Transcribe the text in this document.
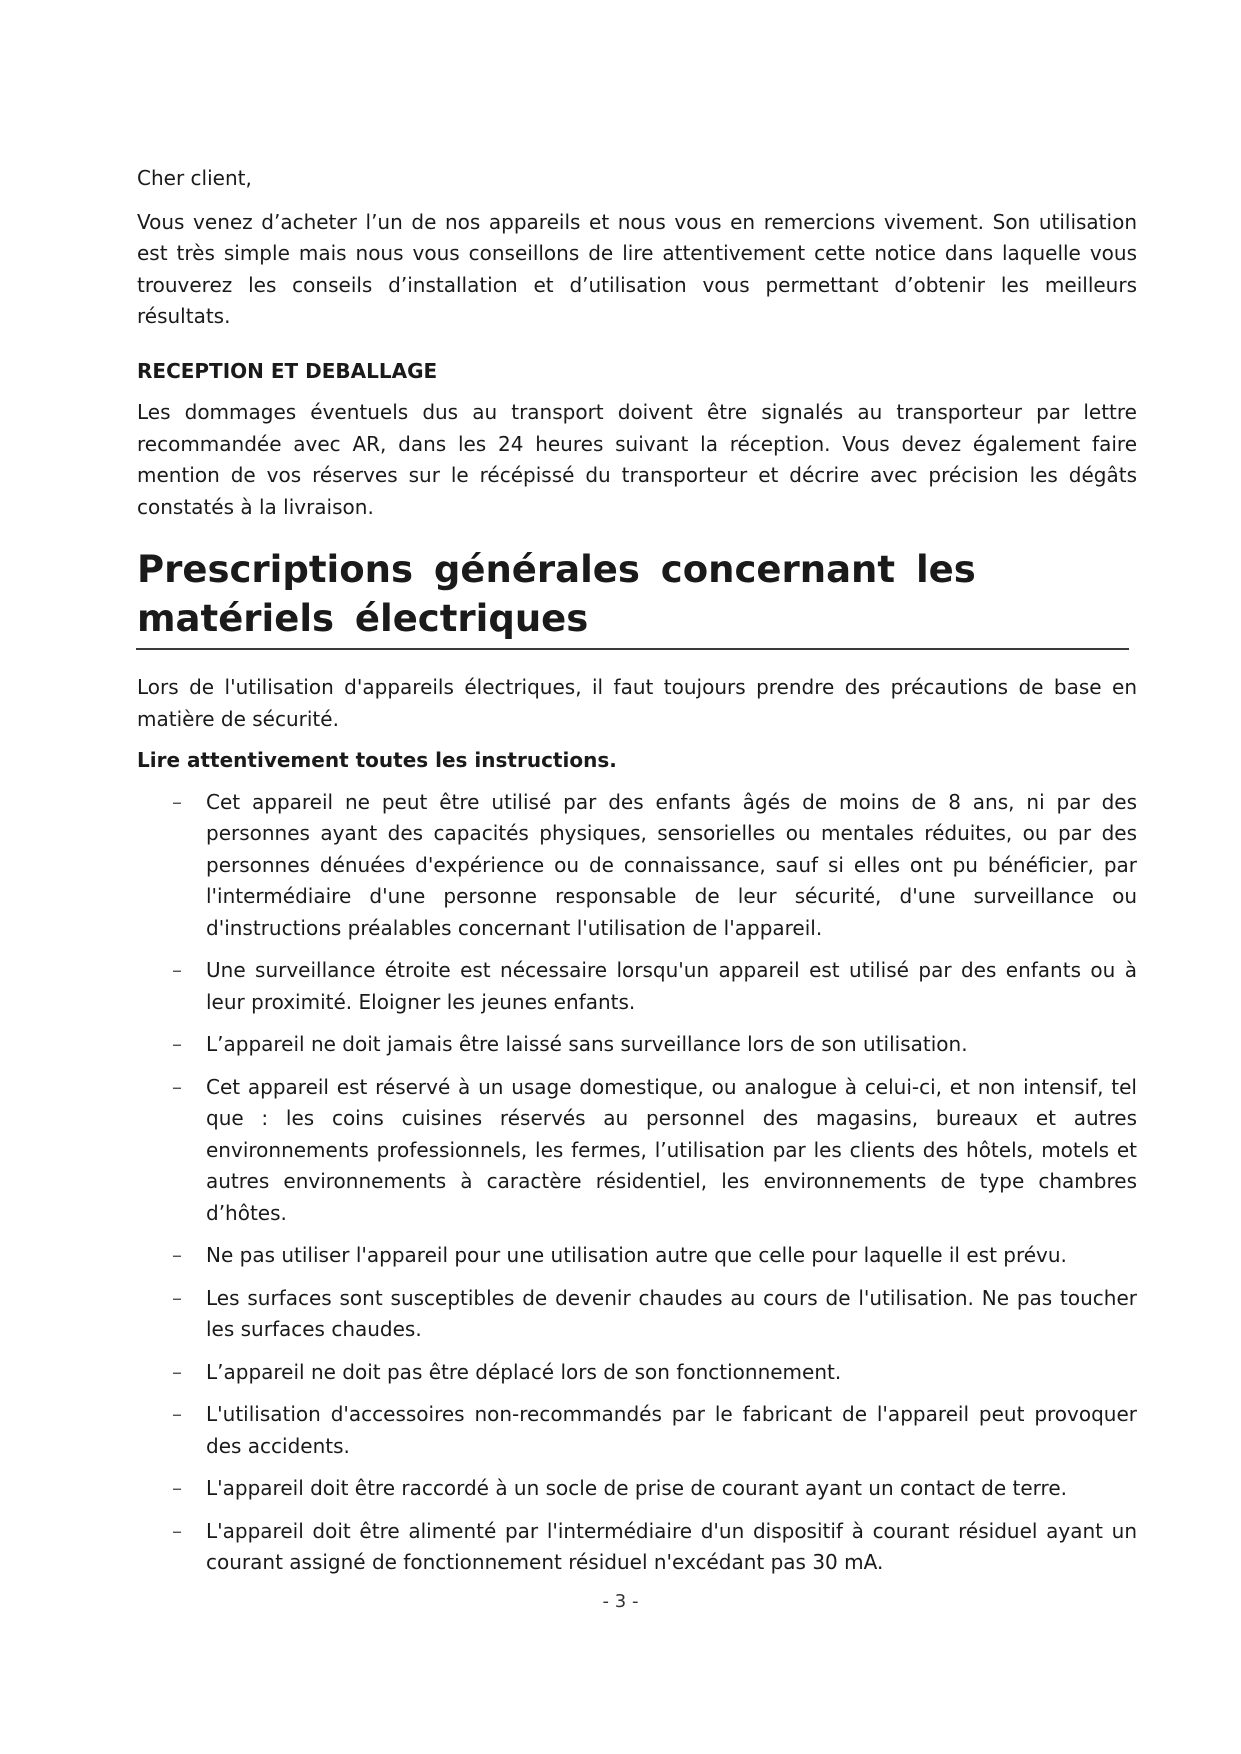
Cher client,

Vous venez d’acheter l’un de nos appareils et nous vous en remercions vivement. Son utilisation est très simple mais nous vous conseillons de lire attentivement cette notice dans laquelle vous trouverez les conseils d’installation et d’utilisation vous permettant d’obtenir les meilleurs résultats.

RECEPTION ET DEBALLAGE

Les dommages éventuels dus au transport doivent être signalés au transporteur par lettre recommandée avec AR, dans les 24 heures suivant la réception. Vous devez également faire mention de vos réserves sur le récépissé du transporteur et décrire avec précision les dégâts constatés à la livraison.

Prescriptions générales concernant les matériels électriques

Lors de l'utilisation d'appareils électriques, il faut toujours prendre des précautions de base en matière de sécurité.

Lire attentivement toutes les instructions.
– Cet appareil ne peut être utilisé par des enfants âgés de moins de 8 ans, ni par des personnes ayant des capacités physiques, sensorielles ou mentales réduites, ou par des personnes dénuées d'expérience ou de connaissance, sauf si elles ont pu bénéficier, par l'intermédiaire d'une personne responsable de leur sécurité, d'une surveillance ou d'instructions préalables concernant l'utilisation de l'appareil.
– Une surveillance étroite est nécessaire lorsqu'un appareil est utilisé par des enfants ou à leur proximité. Eloigner les jeunes enfants.
– L’appareil ne doit jamais être laissé sans surveillance lors de son utilisation.
– Cet appareil est réservé à un usage domestique, ou analogue à celui-ci, et non intensif, tel que : les coins cuisines réservés au personnel des magasins, bureaux et autres environnements professionnels, les fermes, l’utilisation par les clients des hôtels, motels et autres environnements à caractère résidentiel, les environnements de type chambres d’hôtes.
– Ne pas utiliser l'appareil pour une utilisation autre que celle pour laquelle il est prévu.
– Les surfaces sont susceptibles de devenir chaudes au cours de l'utilisation. Ne pas toucher les surfaces chaudes.
– L’appareil ne doit pas être déplacé lors de son fonctionnement.
– L'utilisation d'accessoires non-recommandés par le fabricant de l'appareil peut provoquer des accidents.
– L'appareil doit être raccordé à un socle de prise de courant ayant un contact de terre.
– L'appareil doit être alimenté par l'intermédiaire d'un dispositif à courant résiduel ayant un courant assigné de fonctionnement résiduel n'excédant pas 30 mA.
- 3 -
